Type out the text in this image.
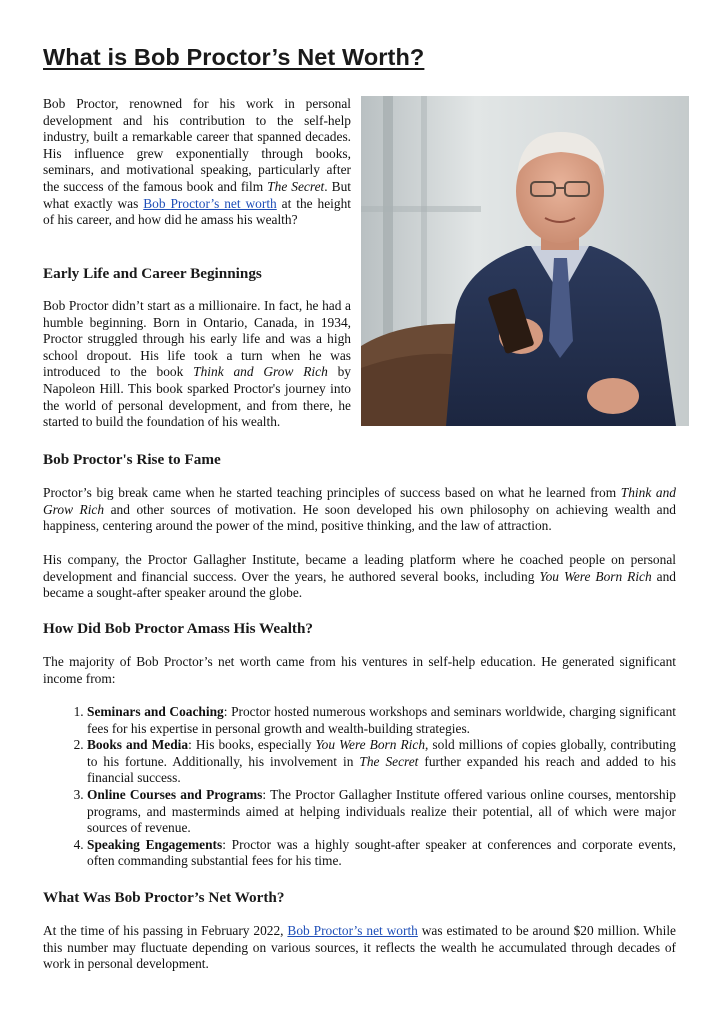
What is Bob Proctor’s Net Worth?

Bob Proctor, renowned for his work in personal development and his contribution to the self-help industry, built a remarkable career that spanned decades. His influence grew exponentially through books, seminars, and motivational speaking, particularly after the success of the famous book and film The Secret. But what exactly was Bob Proctor’s net worth at the height of his career, and how did he amass his wealth?

Early Life and Career Beginnings

Bob Proctor didn’t start as a millionaire. In fact, he had a humble beginning. Born in Ontario, Canada, in 1934, Proctor struggled through his early life and was a high school dropout. His life took a turn when he was introduced to the book Think and Grow Rich by Napoleon Hill. This book sparked Proctor's journey into the world of personal development, and from there, he started to build the foundation of his wealth.

Bob Proctor's Rise to Fame

Proctor’s big break came when he started teaching principles of success based on what he learned from Think and Grow Rich and other sources of motivation. He soon developed his own philosophy on achieving wealth and happiness, centering around the power of the mind, positive thinking, and the law of attraction.

His company, the Proctor Gallagher Institute, became a leading platform where he coached people on personal development and financial success. Over the years, he authored several books, including You Were Born Rich and became a sought-after speaker around the globe.

How Did Bob Proctor Amass His Wealth?

The majority of Bob Proctor’s net worth came from his ventures in self-help education. He generated significant income from:

1. Seminars and Coaching: Proctor hosted numerous workshops and seminars worldwide, charging significant fees for his expertise in personal growth and wealth-building strategies.
2. Books and Media: His books, especially You Were Born Rich, sold millions of copies globally, contributing to his fortune. Additionally, his involvement in The Secret further expanded his reach and added to his financial success.
3. Online Courses and Programs: The Proctor Gallagher Institute offered various online courses, mentorship programs, and masterminds aimed at helping individuals realize their potential, all of which were major sources of revenue.
4. Speaking Engagements: Proctor was a highly sought-after speaker at conferences and corporate events, often commanding substantial fees for his time.
What Was Bob Proctor’s Net Worth?

At the time of his passing in February 2022, Bob Proctor’s net worth was estimated to be around $20 million. While this number may fluctuate depending on various sources, it reflects the wealth he accumulated through decades of work in personal development.
